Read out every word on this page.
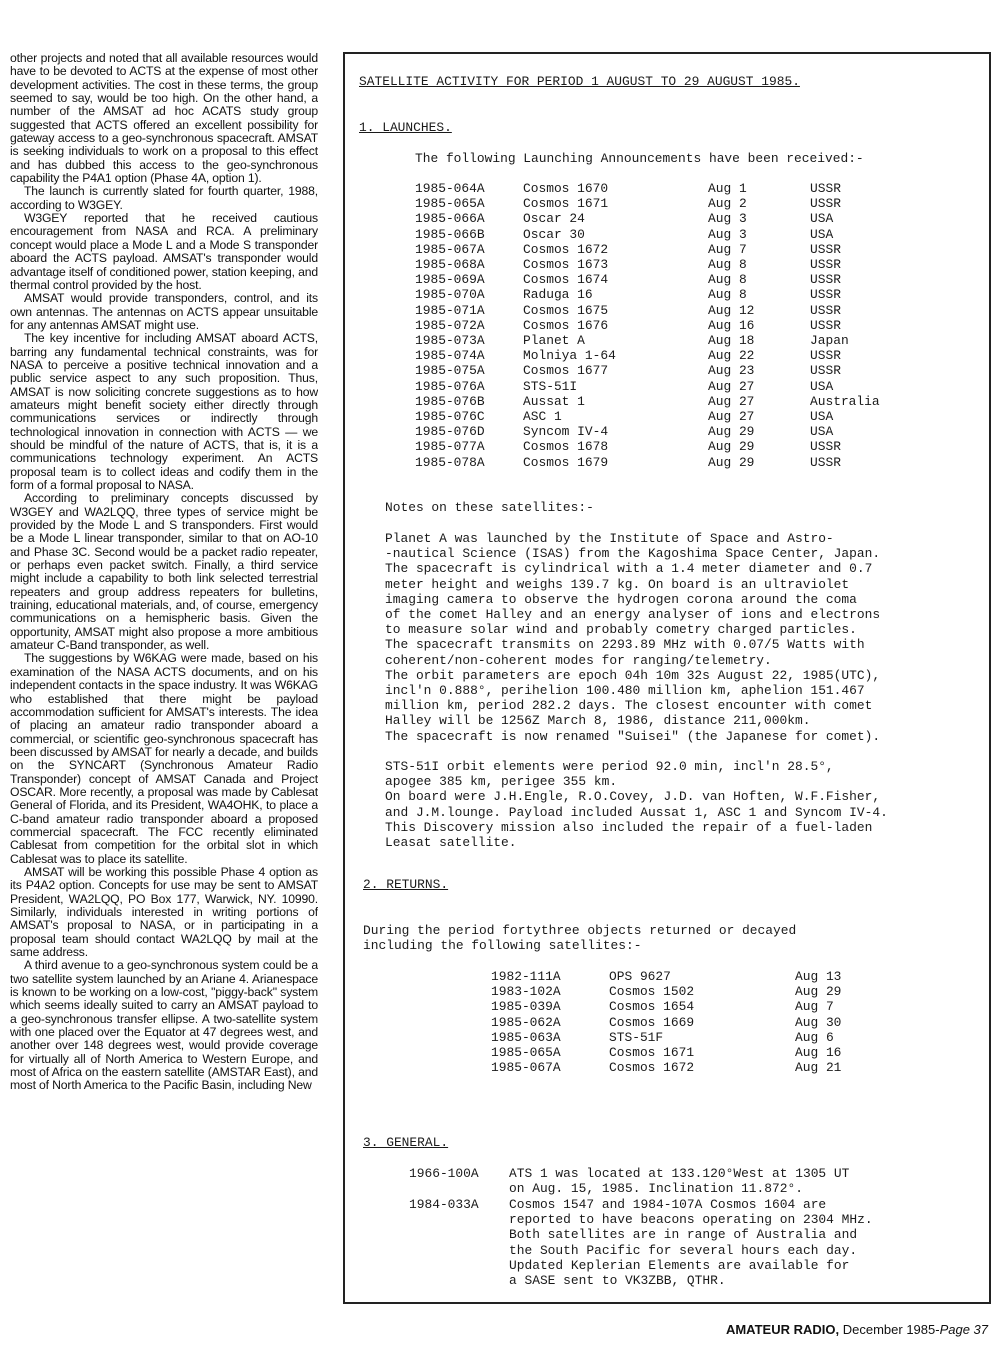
other projects and noted that all available resources would have to be devoted to ACTS at the expense of most other development activities. The cost in these terms, the group seemed to say, would be too high. On the other hand, a number of the AMSAT ad hoc ACATS study group suggested that ACTS offered an excellent possibility for gateway access to a geo-synchronous spacecraft. AMSAT is seeking individuals to work on a proposal to this effect and has dubbed this access to the geo-synchronous capability the P4A1 option (Phase 4A, option 1).

The launch is currently slated for fourth quarter, 1988, according to W3GEY.

W3GEY reported that he received cautious encouragement from NASA and RCA. A preliminary concept would place a Mode L and a Mode S transponder aboard the ACTS payload. AMSAT's transponder would advantage itself of conditioned power, station keeping, and thermal control provided by the host.

AMSAT would provide transponders, control, and its own antennas. The antennas on ACTS appear unsuitable for any antennas AMSAT might use.

The key incentive for including AMSAT aboard ACTS, barring any fundamental technical constraints, was for NASA to perceive a positive technical innovation and a public service aspect to any such proposition. Thus, AMSAT is now soliciting concrete suggestions as to how amateurs might benefit society either directly through communications services or indirectly through technological innovation in connection with ACTS — we should be mindful of the nature of ACTS, that is, it is a communications technology experiment. An ACTS proposal team is to collect ideas and codify them in the form of a formal proposal to NASA.

According to preliminary concepts discussed by W3GEY and WA2LQQ, three types of service might be provided by the Mode L and S transponders. First would be a Mode L linear transponder, similar to that on AO-10 and Phase 3C. Second would be a packet radio repeater, or perhaps even packet switch. Finally, a third service might include a capability to both link selected terrestrial repeaters and group address repeaters for bulletins, training, educational materials, and, of course, emergency communications on a hemispheric basis. Given the opportunity, AMSAT might also propose a more ambitious amateur C-Band transponder, as well.

The suggestions by W6KAG were made, based on his examination of the NASA ACTS documents, and on his independent contacts in the space industry. It was W6KAG who established that there might be payload accommodation sufficient for AMSAT's interests. The idea of placing an amateur radio transponder aboard a commercial, or scientific geo-synchronous spacecraft has been discussed by AMSAT for nearly a decade, and builds on the SYNCART (Synchronous Amateur Radio Transponder) concept of AMSAT Canada and Project OSCAR. More recently, a proposal was made by Cablesat General of Florida, and its President, WA4OHK, to place a C-band amateur radio transponder aboard a proposed commercial spacecraft. The FCC recently eliminated Cablesat from competition for the orbital slot in which Cablesat was to place its satellite.

AMSAT will be working this possible Phase 4 option as its P4A2 option. Concepts for use may be sent to AMSAT President, WA2LQQ, PO Box 177, Warwick, NY. 10990. Similarly, individuals interested in writing portions of AMSAT's proposal to NASA, or in participating in a proposal team should contact WA2LQQ by mail at the same address.

A third avenue to a geo-synchronous system could be a two satellite system launched by an Ariane 4. Arianespace is known to be working on a low-cost, "piggy-back" system which seems ideally suited to carry an AMSAT payload to a geo-synchronous transfer ellipse. A two-satellite system with one placed over the Equator at 47 degrees west, and another over 148 degrees west, would provide coverage for virtually all of North America to Western Europe, and most of Africa on the eastern satellite (AMSTAR East), and most of North America to the Pacific Basin, including New

SATELLITE ACTIVITY FOR PERIOD 1 AUGUST TO 29 AUGUST 1985.
1. LAUNCHES.
The following Launching Announcements have been received:-
1985-064A	Cosmos 1670	Aug 1	USSR
1985-065A	Cosmos 1671	Aug 2	USSR
1985-066A	Oscar 24	Aug 3	USA
1985-066B	Oscar 30	Aug 3	USA
1985-067A	Cosmos 1672	Aug 7	USSR
1985-068A	Cosmos 1673	Aug 8	USSR
1985-069A	Cosmos 1674	Aug 8	USSR
1985-070A	Raduga 16	Aug 8	USSR
1985-071A	Cosmos 1675	Aug 12	USSR
1985-072A	Cosmos 1676	Aug 16	USSR
1985-073A	Planet A	Aug 18	Japan
1985-074A	Molniya 1-64	Aug 22	USSR
1985-075A	Cosmos 1677	Aug 23	USSR
1985-076A	STS-51I	Aug 27	USA
1985-076B	Aussat 1	Aug 27	Australia
1985-076C	ASC 1	Aug 27	USA
1985-076D	Syncom IV-4	Aug 29	USA
1985-077A	Cosmos 1678	Aug 29	USSR
1985-078A	Cosmos 1679	Aug 29	USSR
Notes on these satellites:-
Planet A was launched by the Institute of Space and Astro-
-nautical Science (ISAS) from the Kagoshima Space Center, Japan.
The spacecraft is cylindrical with a 1.4 meter diameter and 0.7
meter height and weighs 139.7 kg. On board is an ultraviolet
imaging camera to observe the hydrogen corona around the coma
of the comet Halley and an energy analyser of ions and electrons
to measure solar wind and probably cometry charged particles.
The spacecraft transmits on 2293.89 MHz with 0.07/5 Watts with
coherent/non-coherent modes for ranging/telemetry.
The orbit parameters are epoch 04h 10m 32s August 22, 1985(UTC),
incl'n 0.888°, perihelion 100.480 million km, aphelion 151.467
million km, period 282.2 days. The closest encounter with comet
Halley will be 1256Z March 8, 1986, distance 211,000km.
The spacecraft is now renamed "Suisei" (the Japanese for comet).
STS-51I orbit elements were period 92.0 min, incl'n 28.5°,
apogee 385 km, perigee 355 km.
On board were J.H.Engle, R.O.Covey, J.D. van Hoften, W.F.Fisher,
and J.M.lounge. Payload included Aussat 1, ASC 1 and Syncom IV-4.
This Discovery mission also included the repair of a fuel-laden
Leasat satellite.
2. RETURNS.
During the period fortythree objects returned or decayed
including the following satellites:-
1982-111A	OPS 9627	Aug 13
1983-102A	Cosmos 1502	Aug 29
1985-039A	Cosmos 1654	Aug 7
1985-062A	Cosmos 1669	Aug 30
1985-063A	STS-51F	Aug 6
1985-065A	Cosmos 1671	Aug 16
1985-067A	Cosmos 1672	Aug 21
3. GENERAL.
1966-100A ATS 1 was located at 133.120°West at 1305 UT
on Aug. 15, 1985. Inclination 11.872°.
1984-033A Cosmos 1547 and 1984-107A Cosmos 1604 are
reported to have beacons operating on 2304 MHz.
Both satellites are in range of Australia and
the South Pacific for several hours each day.
Updated Keplerian Elements are available for
a SASE sent to VK3ZBB, QTHR.
AMATEUR RADIO, December 1985-Page 37
